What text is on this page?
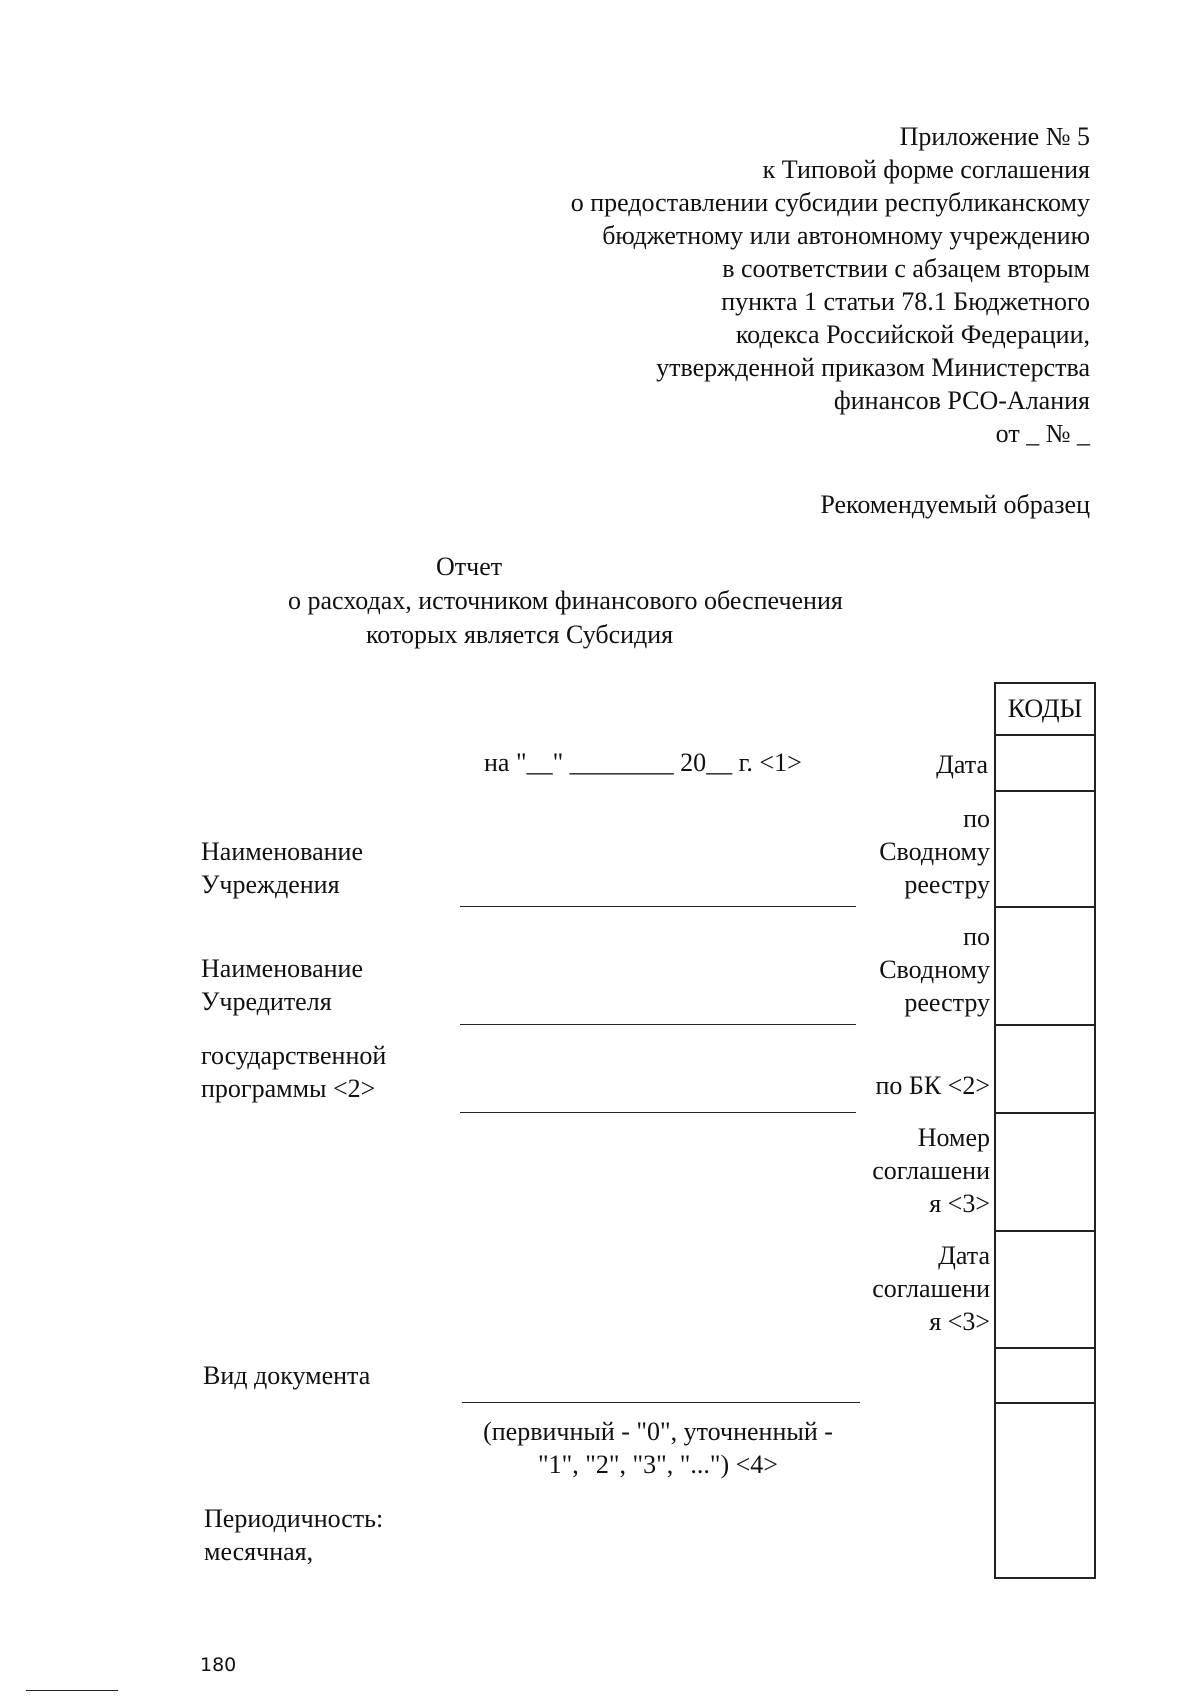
Приложение № 5
к Типовой форме соглашения
о предоставлении субсидии республиканскому
бюджетному или автономному учреждению
в соответствии с абзацем вторым
пункта 1 статьи 78.1 Бюджетного
кодекса Российской Федерации,
утвержденной приказом Министерства
финансов РСО-Алания
от _ № _
Рекомендуемый образец
Отчет
о расходах, источником финансового обеспечения
которых является Субсидия
КОДЫ
на "__" ________ 20__ г. <1>	Дата
по
Сводному
реестру
по
Сводному
реестру
по БК <2>
Номер
соглашени
я <3>
Дата
соглашени
я <3>
Наименование
Учреждения
Наименование
Учредителя
государственной
программы <2>
Вид документа
(первичный - "0", уточненный -
"1", "2", "3", "...") <4>
Периодичность:
месячная,
180
